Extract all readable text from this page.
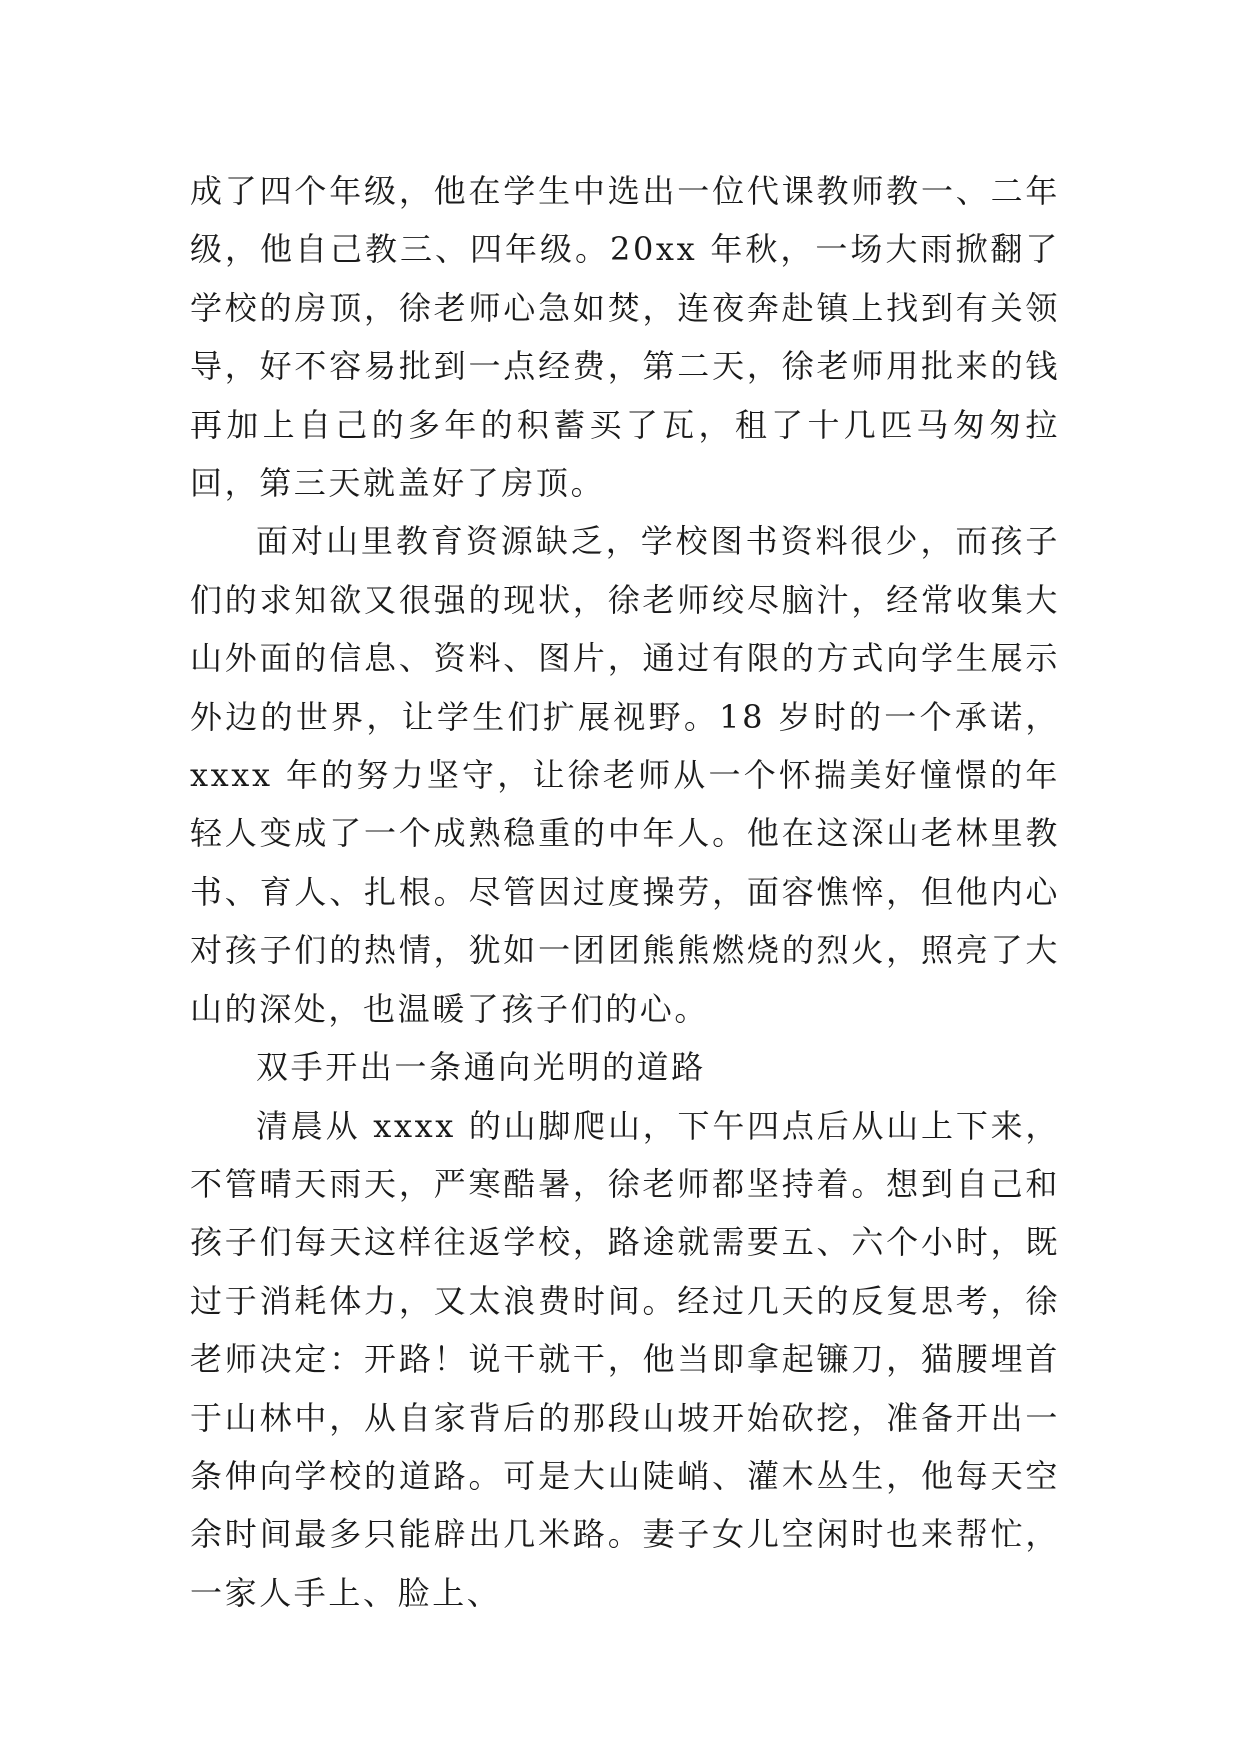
成了四个年级，他在学生中选出一位代课教师教一、二年级，他自己教三、四年级。20xx 年秋，一场大雨掀翻了学校的房顶，徐老师心急如焚，连夜奔赴镇上找到有关领导，好不容易批到一点经费，第二天，徐老师用批来的钱再加上自己的多年的积蓄买了瓦，租了十几匹马匆匆拉回，第三天就盖好了房顶。

面对山里教育资源缺乏，学校图书资料很少，而孩子们的求知欲又很强的现状，徐老师绞尽脑汁，经常收集大山外面的信息、资料、图片，通过有限的方式向学生展示外边的世界，让学生们扩展视野。18 岁时的一个承诺，xxxx 年的努力坚守，让徐老师从一个怀揣美好憧憬的年轻人变成了一个成熟稳重的中年人。他在这深山老林里教书、育人、扎根。尽管因过度操劳，面容憔悴，但他内心对孩子们的热情，犹如一团团熊熊燃烧的烈火，照亮了大山的深处，也温暖了孩子们的心。

双手开出一条通向光明的道路

清晨从 xxxx 的山脚爬山，下午四点后从山上下来，不管晴天雨天，严寒酷暑，徐老师都坚持着。想到自己和孩子们每天这样往返学校，路途就需要五、六个小时，既过于消耗体力，又太浪费时间。经过几天的反复思考，徐老师决定：开路！说干就干，他当即拿起镰刀，猫腰埋首于山林中，从自家背后的那段山坡开始砍挖，准备开出一条伸向学校的道路。可是大山陡峭、灌木丛生，他每天空余时间最多只能辟出几米路。妻子女儿空闲时也来帮忙，一家人手上、脸上、
